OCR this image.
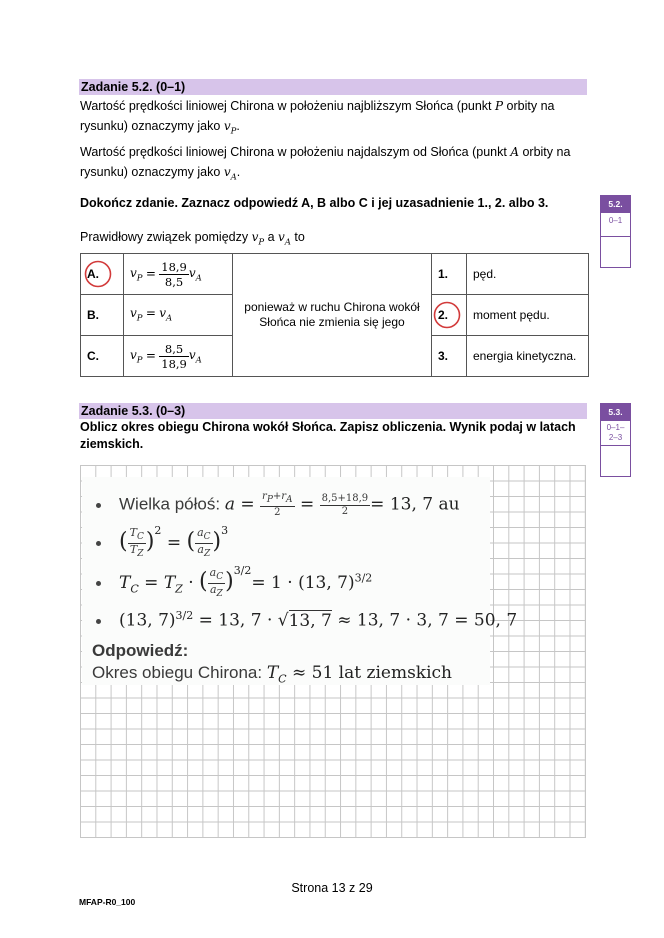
Zadanie 5.2. (0–1)
Wartość prędkości liniowej Chirona w położeniu najbliższym Słońca (punkt P orbity na
rysunku) oznaczymy jako $v_P$.
Wartość prędkości liniowej Chirona w położeniu najdalszym od Słońca (punkt A orbity na
rysunku) oznaczymy jako $v_A$.
Dokończ zdanie. Zaznacz odpowiedź A, B albo C i jej uzasadnienie 1., 2. albo 3.
Prawidłowy związek pomiędzy $v_P$ a $v_A$ to
5.2.
0–1
A.	$v_P = \frac{18,9}{8,5} v_A$	ponieważ w ruchu Chirona wokół Słońca nie zmienia się jego	1.	pęd.
B.	$v_P = v_A$		2.	moment pędu.
C.	$v_P = \frac{8,5}{18,9} v_A$		3.	energia kinetyczna.
Zadanie 5.3. (0–3)
Oblicz okres obiegu Chirona wokół Słońca. Zapisz obliczenia. Wynik podaj w latach ziemskich.
5.3.
0–1–
2–3
Wielka półoś: $a = \frac{r_P+r_A}{2} = \frac{8,5+18,9}{2} = 13$, 7 au
( $\frac{T_C}{T_Z} )^2$ = ( $\frac{a_C}{a_Z} )^3$
$T_C = T_Z$ · ( $\frac{a_C}{a_Z} )^{3/2}= 1 \cdot (13$, 7)$^{3/2}$
(13, 7)$^{3/2}$ = 13, 7 · √13, 7 ≈ 13, 7 · 3, 7 = 50, 7
Odpowiedź:
Okres obiegu Chirona: $T_C \approx 51$ lat ziemskich
Strona 13 z 29
MFAP-R0_100
